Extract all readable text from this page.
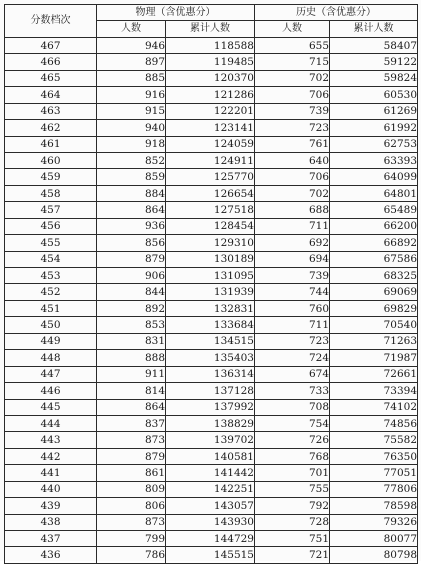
分数档次	物理（含优惠分）		历史（含优惠分）	
	人数	累计人数	人数	累计人数
467	946	118588	655	58407
466	897	119485	715	59122
465	885	120370	702	59824
464	916	121286	706	60530
463	915	122201	739	61269
462	940	123141	723	61992
461	918	124059	761	62753
460	852	124911	640	63393
459	859	125770	706	64099
458	884	126654	702	64801
457	864	127518	688	65489
456	936	128454	711	66200
455	856	129310	692	66892
454	879	130189	694	67586
453	906	131095	739	68325
452	844	131939	744	69069
451	892	132831	760	69829
450	853	133684	711	70540
449	831	134515	723	71263
448	888	135403	724	71987
447	911	136314	674	72661
446	814	137128	733	73394
445	864	137992	708	74102
444	837	138829	754	74856
443	873	139702	726	75582
442	879	140581	768	76350
441	861	141442	701	77051
440	809	142251	755	77806
439	806	143057	792	78598
438	873	143930	728	79326
437	799	144729	751	80077
436	786	145515	721	80798
